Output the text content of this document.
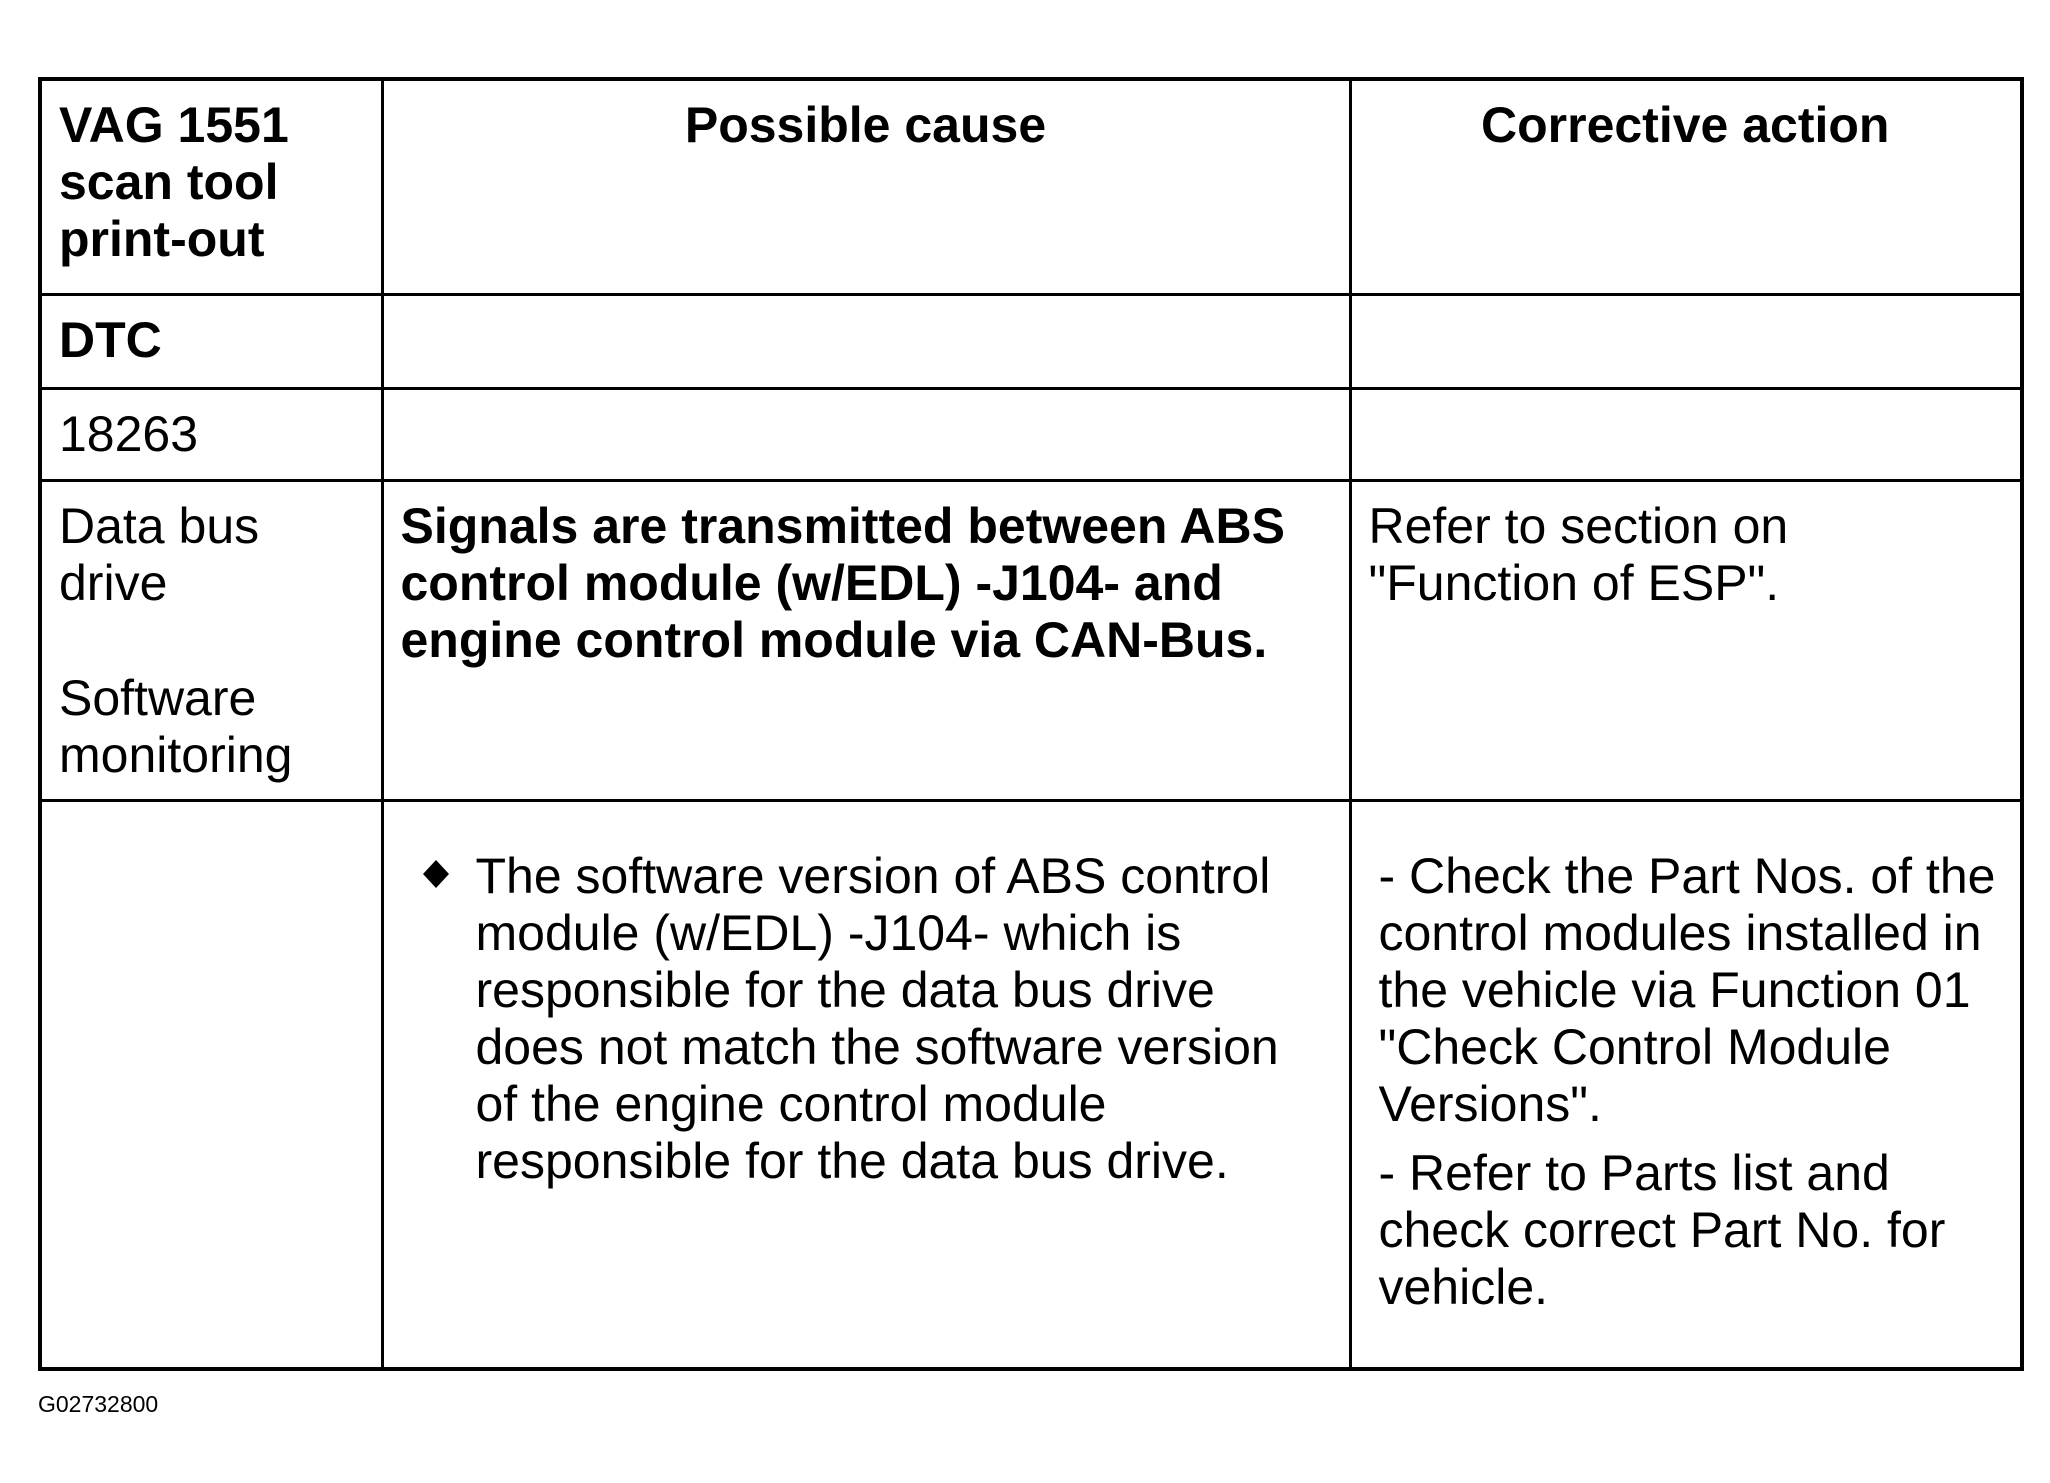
VAG 1551 scan tool print-out	Possible cause	Corrective action

DTC		

18263		

Data bus drive
Software monitoring	Signals are transmitted between ABS control module (w/EDL) -J104- and engine control module via CAN-Bus.	Refer to section on "Function of ESP".

	The software version of ABS control module (w/EDL) -J104- which is responsible for the data bus drive does not match the software version of the engine control module responsible for the data bus drive.	- Check the Part Nos. of the control modules installed in the vehicle via Function 01 "Check Control Module Versions".
- Refer to Parts list and check correct Part No. for vehicle.
G02732800
